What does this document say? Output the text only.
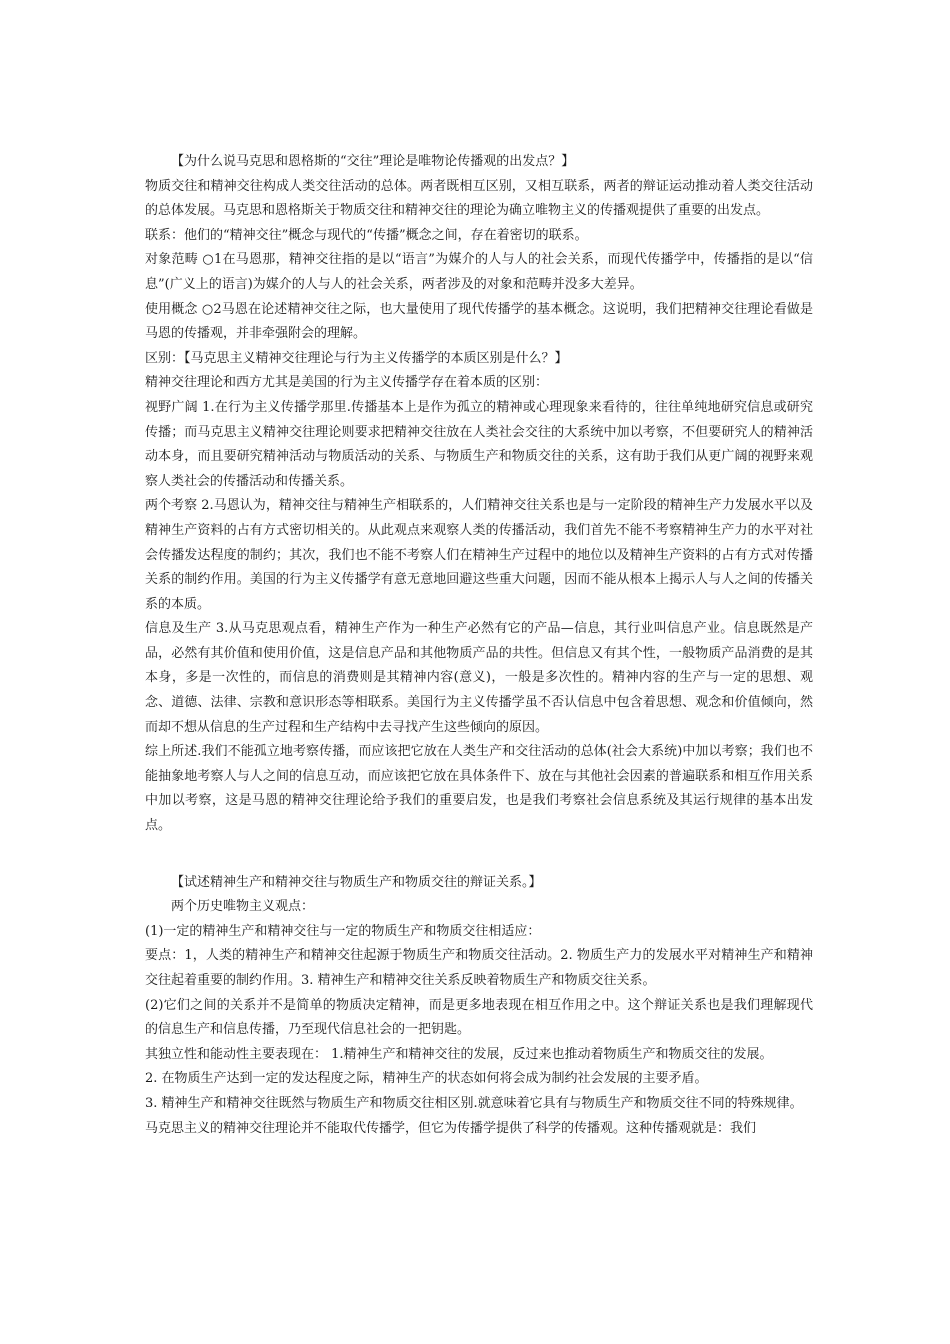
【为什么说马克思和恩格斯的“交往”理论是唯物论传播观的出发点？】

物质交往和精神交往构成人类交往活动的总体。两者既相互区别，又相互联系，两者的辩证运动推动着人类交往活动的总体发展。马克思和恩格斯关于物质交往和精神交往的理论为确立唯物主义的传播观提供了重要的出发点。

联系：他们的“精神交往”概念与现代的“传播”概念之间，存在着密切的联系。

对象范畴 ○1在马恩那，精神交往指的是以“语言”为媒介的人与人的社会关系，而现代传播学中，传播指的是以“信息”(广义上的语言)为媒介的人与人的社会关系，两者涉及的对象和范畴并没多大差异。

使用概念 ○2马恩在论述精神交往之际，也大量使用了现代传播学的基本概念。这说明，我们把精神交往理论看做是马恩的传播观，并非牵强附会的理解。

区别：【马克思主义精神交往理论与行为主义传播学的本质区别是什么？】

精神交往理论和西方尤其是美国的行为主义传播学存在着本质的区别：

视野广阔 1.在行为主义传播学那里.传播基本上是作为孤立的精神或心理现象来看待的，往往单纯地研究信息或研究传播；而马克思主义精神交往理论则要求把精神交往放在人类社会交往的大系统中加以考察，不但要研究人的精神活动本身，而且要研究精神活动与物质活动的关系、与物质生产和物质交往的关系，这有助于我们从更广阔的视野来观察人类社会的传播活动和传播关系。

两个考察 2.马恩认为，精神交往与精神生产相联系的，人们精神交往关系也是与一定阶段的精神生产力发展水平以及精神生产资料的占有方式密切相关的。从此观点来观察人类的传播活动，我们首先不能不考察精神生产力的水平对社会传播发达程度的制约；其次，我们也不能不考察人们在精神生产过程中的地位以及精神生产资料的占有方式对传播关系的制约作用。美国的行为主义传播学有意无意地回避这些重大问题，因而不能从根本上揭示人与人之间的传播关系的本质。

信息及生产 3.从马克思观点看，精神生产作为一种生产必然有它的产品—信息，其行业叫信息产业。信息既然是产品，必然有其价值和使用价值，这是信息产品和其他物质产品的共性。但信息又有其个性，一般物质产品消费的是其本身，多是一次性的，而信息的消费则是其精神内容(意义)，一般是多次性的。精神内容的生产与一定的思想、观念、道德、法律、宗教和意识形态等相联系。美国行为主义传播学虽不否认信息中包含着思想、观念和价值倾向，然而却不想从信息的生产过程和生产结构中去寻找产生这些倾向的原因。

综上所述.我们不能孤立地考察传播，而应该把它放在人类生产和交往活动的总体(社会大系统)中加以考察；我们也不能抽象地考察人与人之间的信息互动，而应该把它放在具体条件下、放在与其他社会因素的普遍联系和相互作用关系中加以考察，这是马恩的精神交往理论给予我们的重要启发，也是我们考察社会信息系统及其运行规律的基本出发点。

【试述精神生产和精神交往与物质生产和物质交往的辩证关系。】

两个历史唯物主义观点：

(1)一定的精神生产和精神交往与一定的物质生产和物质交往相适应：

要点：1，人类的精神生产和精神交往起源于物质生产和物质交往活动。2. 物质生产力的发展水平对精神生产和精神交往起着重要的制约作用。3. 精神生产和精神交往关系反映着物质生产和物质交往关系。

(2)它们之间的关系并不是简单的物质决定精神，而是更多地表现在相互作用之中。这个辩证关系也是我们理解现代的信息生产和信息传播，乃至现代信息社会的一把钥匙。

其独立性和能动性主要表现在： 1.精神生产和精神交往的发展，反过来也推动着物质生产和物质交往的发展。

2. 在物质生产达到一定的发达程度之际，精神生产的状态如何将会成为制约社会发展的主要矛盾。

3. 精神生产和精神交往既然与物质生产和物质交往相区别.就意味着它具有与物质生产和物质交往不同的特殊规律。

马克思主义的精神交往理论并不能取代传播学，但它为传播学提供了科学的传播观。这种传播观就是：我们
